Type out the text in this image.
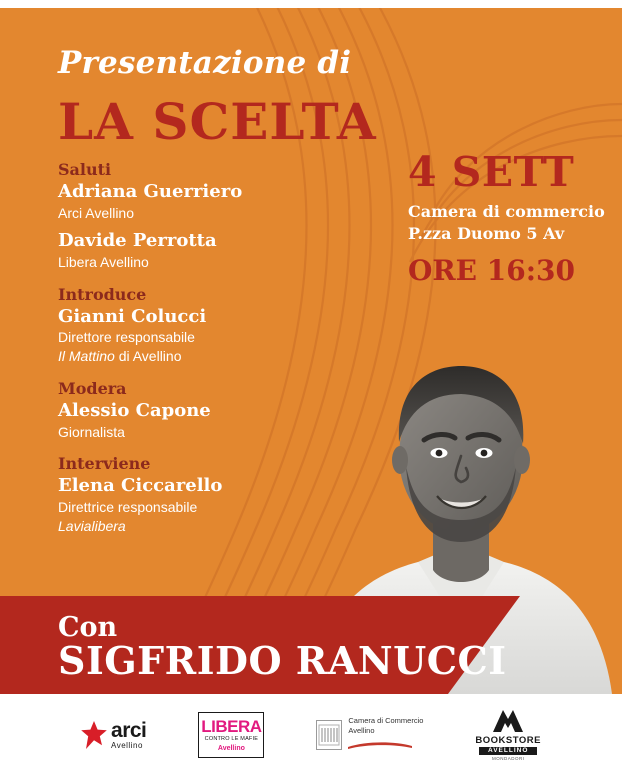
Presentazione di
LA SCELTA
Saluti
Adriana Guerriero
Arci Avellino
Davide Perrotta
Libera Avellino
Introduce
Gianni Colucci
Direttore responsabile
Il Mattino di Avellino
Modera
Alessio Capone
Giornalista
Interviene
Elena Ciccarello
Direttrice responsabile
Lavialibera
4 SETT
Camera di commercio
P.zza Duomo 5 Av
ORE 16:30
Con
SIGFRIDO RANUCCI
arci
Avellino
LIBERA
CONTRO LE MAFIE
Avellino
Camera di Commercio
Avellino
BOOKSTORE
AVELLINO
MONDADORI
